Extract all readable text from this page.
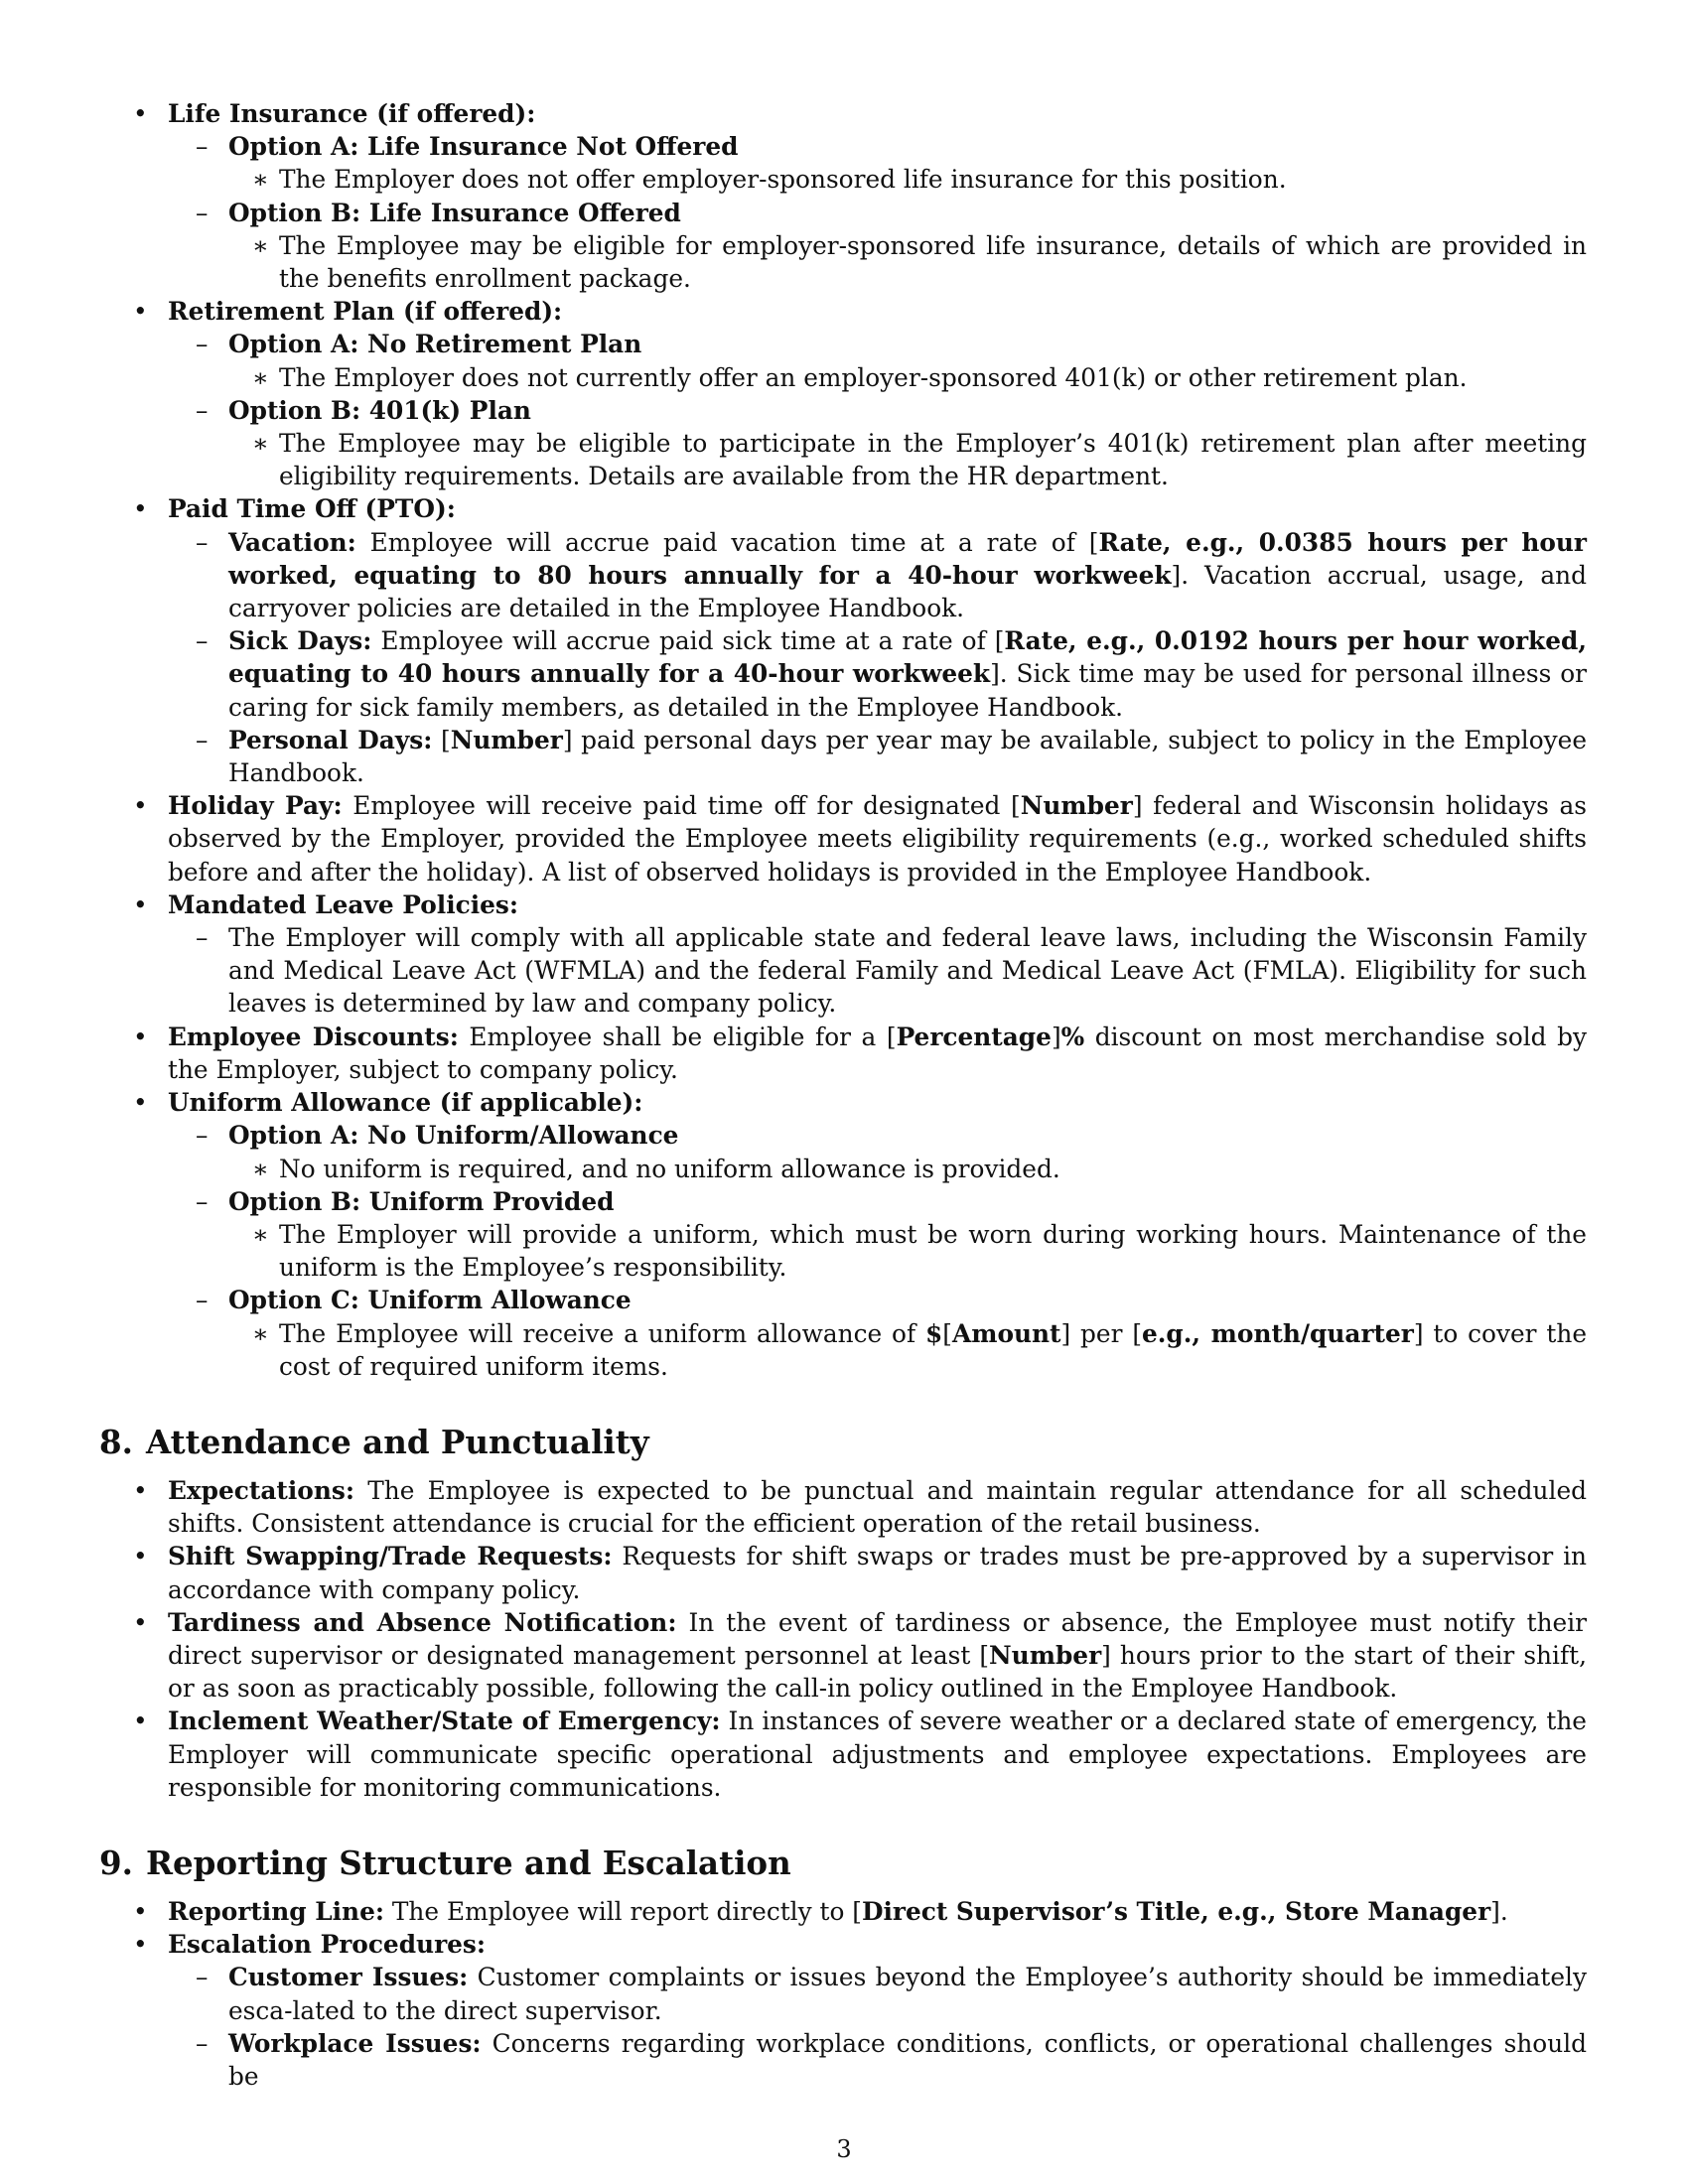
• Life Insurance (if offered):
– Option A: Life Insurance Not Offered
∗ The Employer does not offer employer-sponsored life insurance for this position.
– Option B: Life Insurance Offered
∗ The Employee may be eligible for employer-sponsored life insurance, details of which are provided in the benefits enrollment package.
• Retirement Plan (if offered):
– Option A: No Retirement Plan
∗ The Employer does not currently offer an employer-sponsored 401(k) or other retirement plan.
– Option B: 401(k) Plan
∗ The Employee may be eligible to participate in the Employer’s 401(k) retirement plan after meeting eligibility requirements. Details are available from the HR department.
• Paid Time Off (PTO):
– Vacation: Employee will accrue paid vacation time at a rate of [Rate, e.g., 0.0385 hours per hour worked, equating to 80 hours annually for a 40-hour workweek]. Vacation accrual, usage, and carryover policies are detailed in the Employee Handbook.
– Sick Days: Employee will accrue paid sick time at a rate of [Rate, e.g., 0.0192 hours per hour worked, equating to 40 hours annually for a 40-hour workweek]. Sick time may be used for personal illness or caring for sick family members, as detailed in the Employee Handbook.
– Personal Days: [Number] paid personal days per year may be available, subject to policy in the Employee Handbook.
• Holiday Pay: Employee will receive paid time off for designated [Number] federal and Wisconsin holidays as observed by the Employer, provided the Employee meets eligibility requirements (e.g., worked scheduled shifts before and after the holiday). A list of observed holidays is provided in the Employee Handbook.
• Mandated Leave Policies:
– The Employer will comply with all applicable state and federal leave laws, including the Wisconsin Family and Medical Leave Act (WFMLA) and the federal Family and Medical Leave Act (FMLA). Eligibility for such leaves is determined by law and company policy.
• Employee Discounts: Employee shall be eligible for a [Percentage]% discount on most merchandise sold by the Employer, subject to company policy.
• Uniform Allowance (if applicable):
– Option A: No Uniform/Allowance
∗ No uniform is required, and no uniform allowance is provided.
– Option B: Uniform Provided
∗ The Employer will provide a uniform, which must be worn during working hours. Maintenance of the uniform is the Employee’s responsibility.
– Option C: Uniform Allowance
∗ The Employee will receive a uniform allowance of $[Amount] per [e.g., month/quarter] to cover the cost of required uniform items.
8. Attendance and Punctuality
• Expectations: The Employee is expected to be punctual and maintain regular attendance for all scheduled shifts. Consistent attendance is crucial for the efficient operation of the retail business.
• Shift Swapping/Trade Requests: Requests for shift swaps or trades must be pre-approved by a supervisor in accordance with company policy.
• Tardiness and Absence Notification: In the event of tardiness or absence, the Employee must notify their direct supervisor or designated management personnel at least [Number] hours prior to the start of their shift, or as soon as practicably possible, following the call-in policy outlined in the Employee Handbook.
• Inclement Weather/State of Emergency: In instances of severe weather or a declared state of emergency, the Employer will communicate specific operational adjustments and employee expectations. Employees are responsible for monitoring communications.
9. Reporting Structure and Escalation
• Reporting Line: The Employee will report directly to [Direct Supervisor’s Title, e.g., Store Manager].
• Escalation Procedures:
– Customer Issues: Customer complaints or issues beyond the Employee’s authority should be immediately esca-lated to the direct supervisor.
– Workplace Issues: Concerns regarding workplace conditions, conflicts, or operational challenges should be
3
